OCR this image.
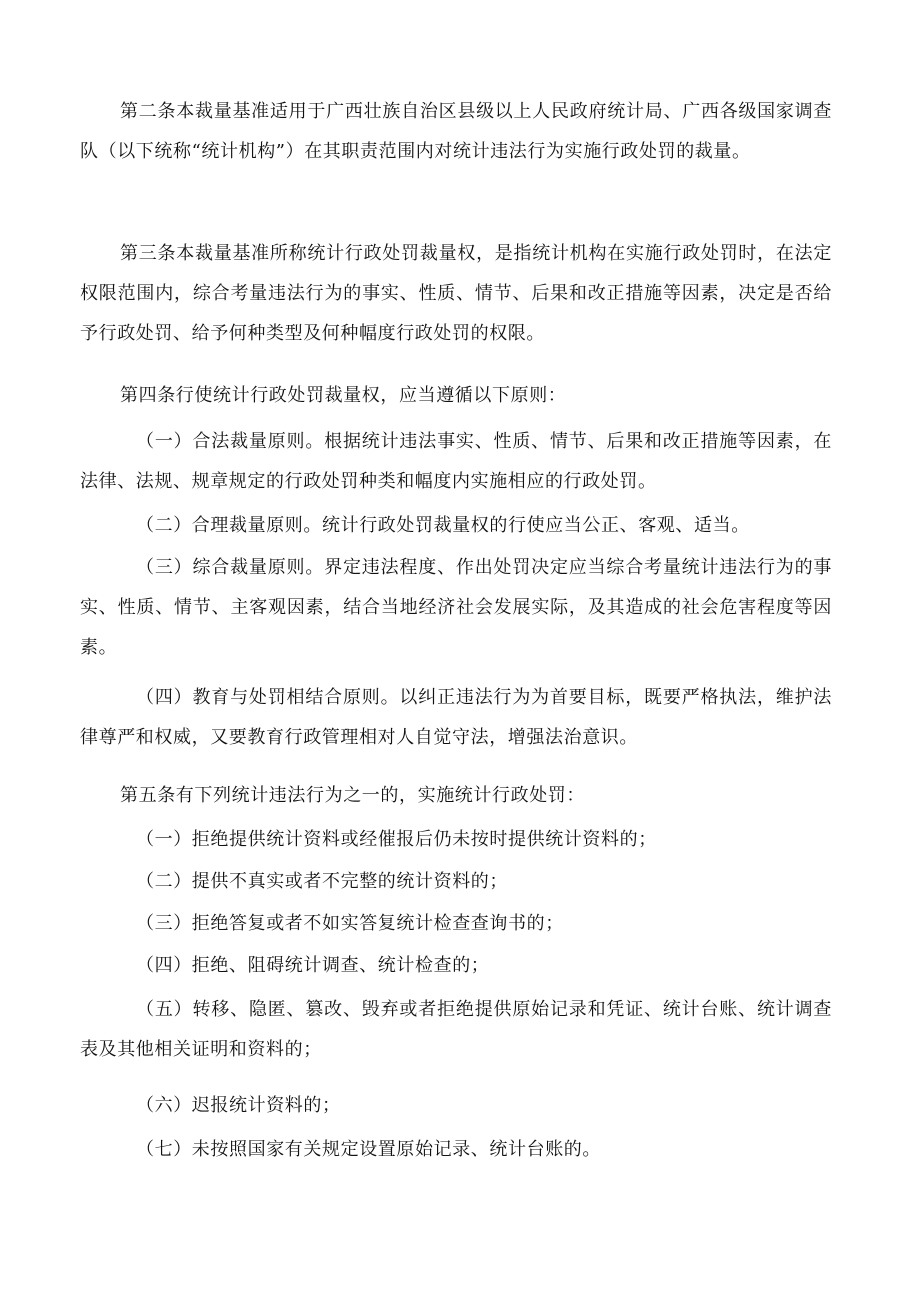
第二条本裁量基准适用于广西壮族自治区县级以上人民政府统计局、广西各级国家调查队（以下统称“统计机构”）在其职责范围内对统计违法行为实施行政处罚的裁量。

第三条本裁量基准所称统计行政处罚裁量权，是指统计机构在实施行政处罚时，在法定权限范围内，综合考量违法行为的事实、性质、情节、后果和改正措施等因素，决定是否给予行政处罚、给予何种类型及何种幅度行政处罚的权限。

第四条行使统计行政处罚裁量权，应当遵循以下原则：

（一）合法裁量原则。根据统计违法事实、性质、情节、后果和改正措施等因素，在法律、法规、规章规定的行政处罚种类和幅度内实施相应的行政处罚。

（二）合理裁量原则。统计行政处罚裁量权的行使应当公正、客观、适当。

（三）综合裁量原则。界定违法程度、作出处罚决定应当综合考量统计违法行为的事实、性质、情节、主客观因素，结合当地经济社会发展实际，及其造成的社会危害程度等因素。

（四）教育与处罚相结合原则。以纠正违法行为为首要目标，既要严格执法，维护法律尊严和权威，又要教育行政管理相对人自觉守法，增强法治意识。

第五条有下列统计违法行为之一的，实施统计行政处罚：

（一）拒绝提供统计资料或经催报后仍未按时提供统计资料的；

（二）提供不真实或者不完整的统计资料的；

（三）拒绝答复或者不如实答复统计检查查询书的；

（四）拒绝、阻碍统计调查、统计检查的；

（五）转移、隐匿、篡改、毁弃或者拒绝提供原始记录和凭证、统计台账、统计调查表及其他相关证明和资料的；

（六）迟报统计资料的；

（七）未按照国家有关规定设置原始记录、统计台账的。
